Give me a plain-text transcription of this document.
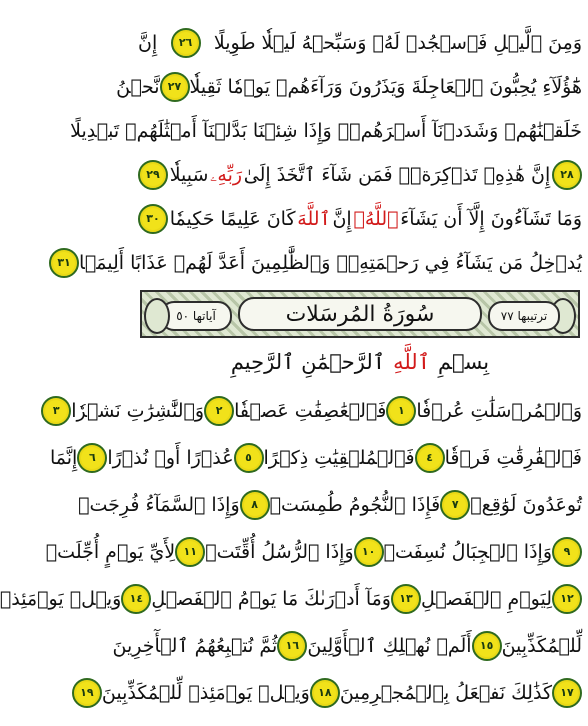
وَمِنَ ٱلَّيۡلِ فَٱسۡجُدۡ لَهُۥ وَسَبِّحۡهُ لَيۡلٗا طَوِيلًا
٢٦
إِنَّ
هَٰٓؤُلَآءِ يُحِبُّونَ ٱلۡعَاجِلَةَ وَيَذَرُونَ وَرَآءَهُمۡ يَوۡمٗا ثَقِيلٗا
٢٧
نَّحۡنُ
خَلَقۡنَٰهُمۡ وَشَدَدۡنَآ أَسۡرَهُمۡۖ وَإِذَا شِئۡنَا بَدَّلۡنَآ أَمۡثَٰلَهُمۡ تَبۡدِيلًا
٢٨
إِنَّ هَٰذِهِۦ تَذۡكِرَةٞۖ فَمَن شَآءَ ٱتَّخَذَ إِلَىٰ
رَبِّهِۦ
سَبِيلٗا
٢٩
وَمَا تَشَآءُونَ إِلَّآ أَن يَشَآءَ
ٱللَّهُۚ
إِنَّ
ٱللَّهَ
كَانَ عَلِيمًا حَكِيمٗا
٣٠
يُدۡخِلُ مَن يَشَآءُ فِي رَحۡمَتِهِۦۚ وَٱلظَّٰلِمِينَ أَعَدَّ لَهُمۡ عَذَابًا أَلِيمَۢا
٣١
ترتيبها ٧٧
سُورَةُ المُرسَلات
آياتها ٥٠
بِسۡمِٱللَّهِٱلرَّحۡمَٰنِ ٱلرَّحِيمِ
وَٱلۡمُرۡسَلَٰتِ عُرۡفٗا
١
فَٱلۡعَٰصِفَٰتِ عَصۡفٗا
٢
وَٱلنَّٰشِرَٰتِ نَشۡرٗا
٣
فَٱلۡفَٰرِقَٰتِ فَرۡقٗا
٤
فَٱلۡمُلۡقِيَٰتِ ذِكۡرًا
٥
عُذۡرًا أَوۡ نُذۡرًا
٦
إِنَّمَا
تُوعَدُونَ لَوَٰقِعٞ
٧
فَإِذَا ٱلنُّجُومُ طُمِسَتۡ
٨
وَإِذَا ٱلسَّمَآءُ فُرِجَتۡ
٩
وَإِذَا ٱلۡجِبَالُ نُسِفَتۡ
١٠
وَإِذَا ٱلرُّسُلُ أُقِّتَتۡ
١١
لِأَيِّ يَوۡمٍ أُجِّلَتۡ
١٢
لِيَوۡمِ ٱلۡفَصۡلِ
١٣
وَمَآ أَدۡرَىٰكَ مَا يَوۡمُ ٱلۡفَصۡلِ
١٤
وَيۡلٞ يَوۡمَئِذٖ
لِّلۡمُكَذِّبِينَ
١٥
أَلَمۡ نُهۡلِكِ ٱلۡأَوَّلِينَ
١٦
ثُمَّ نُتۡبِعُهُمُ ٱلۡأٓخِرِينَ
١٧
كَذَٰلِكَ نَفۡعَلُ بِٱلۡمُجۡرِمِينَ
١٨
وَيۡلٞ يَوۡمَئِذٖ لِّلۡمُكَذِّبِينَ
١٩
